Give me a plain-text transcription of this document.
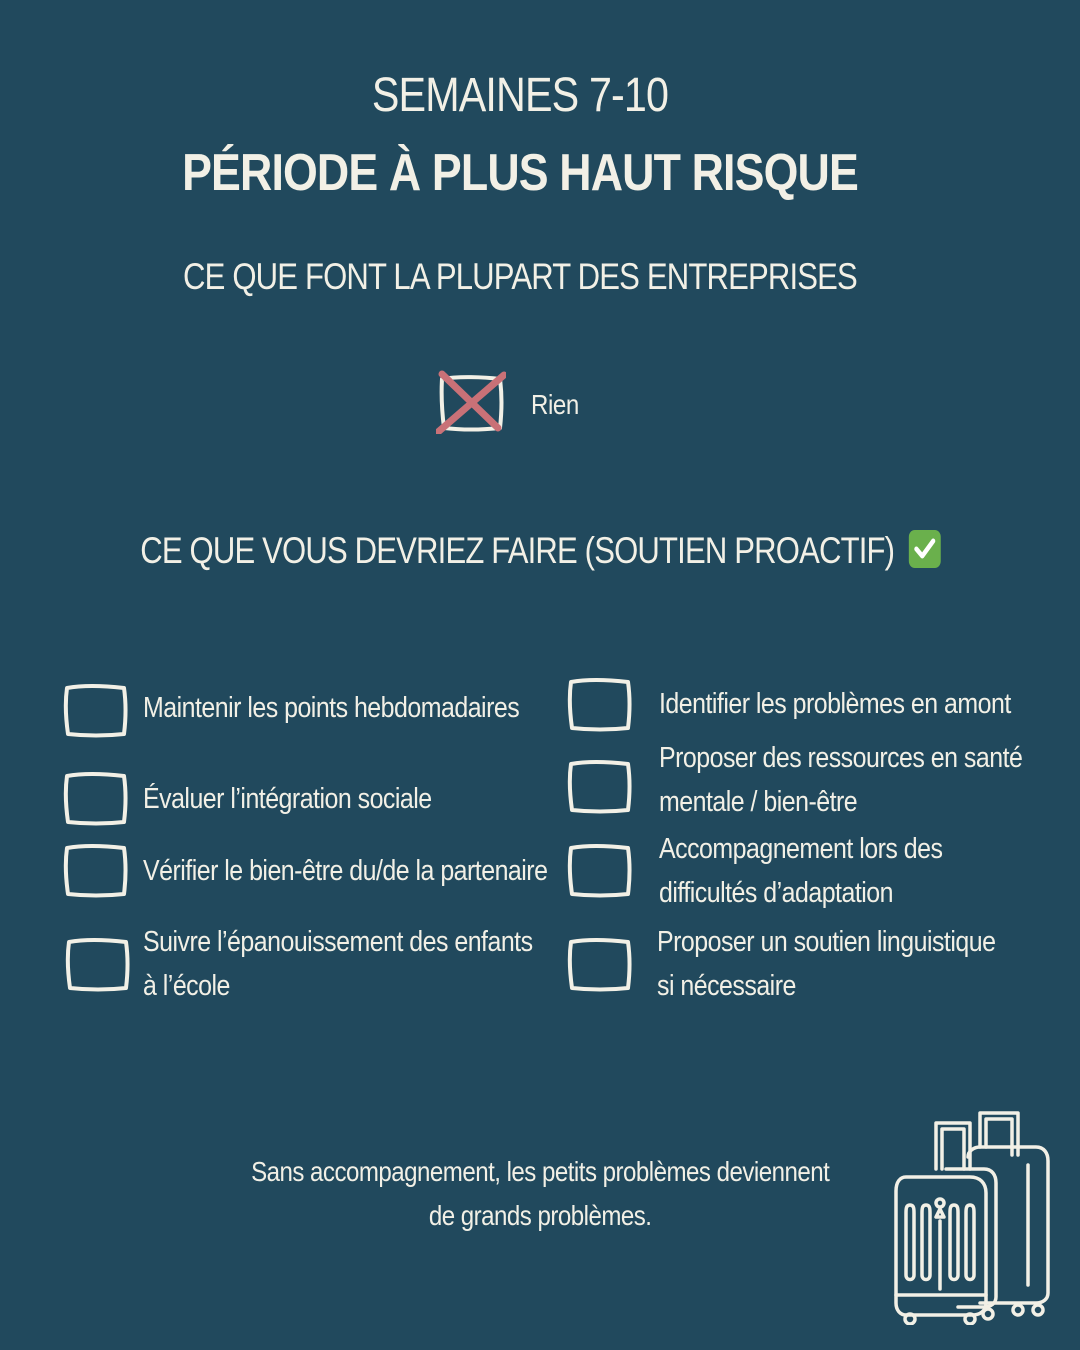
SEMAINES 7-10
PÉRIODE À PLUS HAUT RISQUE
CE QUE FONT LA PLUPART DES ENTREPRISES
Rien
CE QUE VOUS DEVRIEZ FAIRE (SOUTIEN PROACTIF)
Maintenir les points hebdomadaires
Évaluer l’intégration sociale
Vérifier le bien-être du/de la partenaire
Suivre l’épanouissement des enfants
à l’école
Identifier les problèmes en amont
Proposer des ressources en santé
mentale / bien-être
Accompagnement lors des
difficultés d’adaptation
Proposer un soutien linguistique
si nécessaire
Sans accompagnement, les petits problèmes deviennent
de grands problèmes.
